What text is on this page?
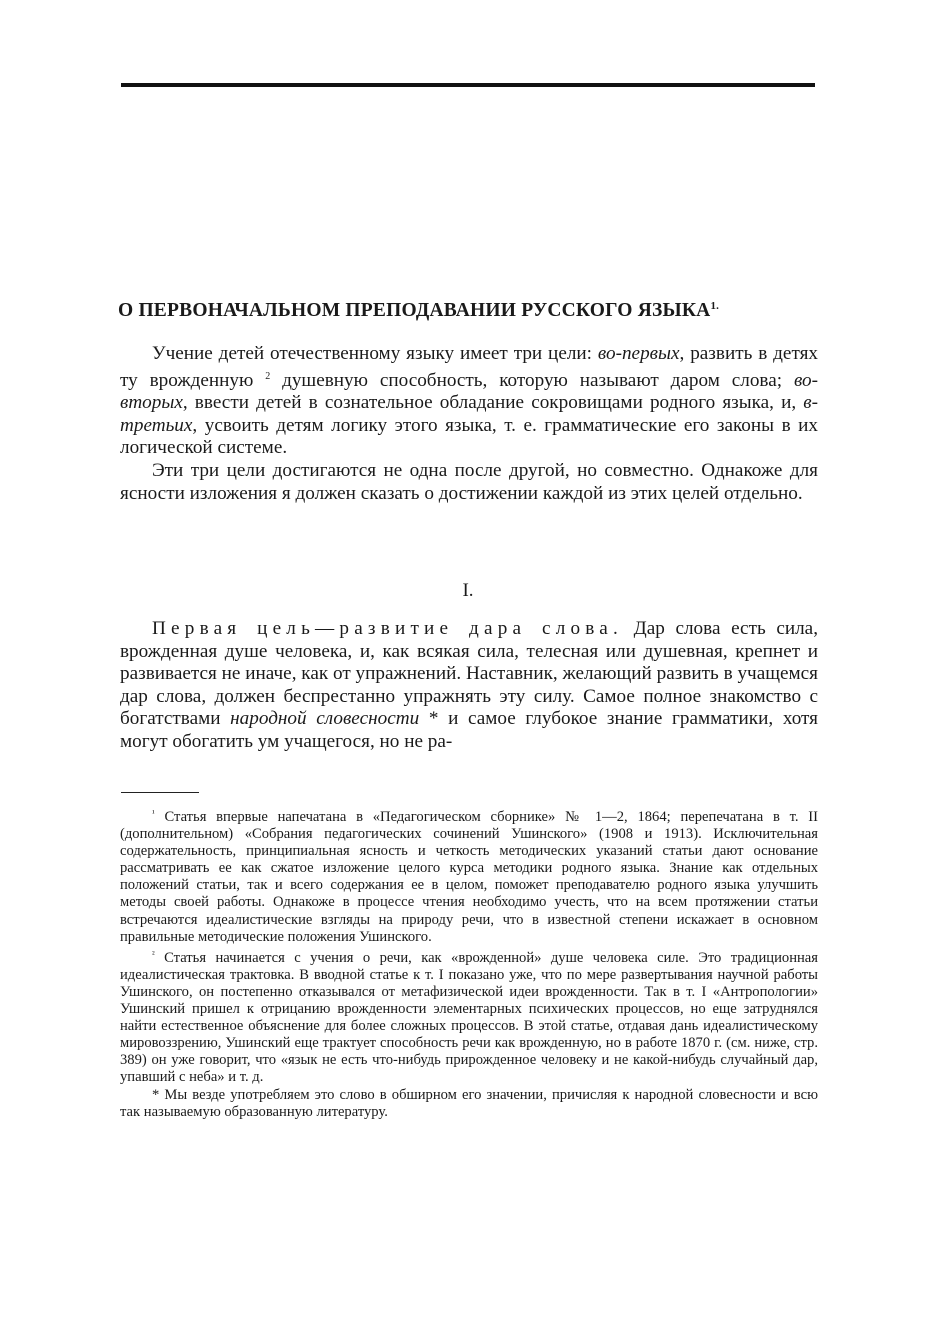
О ПЕРВОНАЧАЛЬНОМ ПРЕПОДАВАНИИ РУССКОГО $ЯЗЫКА^{1.}$

Учение детей отечественному языку имеет три цели: во-первых, развить в детях ту врожденную $^2$ душевную способность, которую называют даром слова; во-вторых, ввести детей в сознательное обладание сокровищами родного языка, и, в-третьих, усвоить детям логику этого языка, т. е. грамматические его законы в их логической системе.

Эти три цели достигаются не одна после другой, но совместно. Однакоже для ясности изложения я должен сказать о достижении каждой из этих целей отдельно.

I.

Первая цель—развитие дара слова. Дар слова есть сила, врожденная душе человека, и, как всякая сила, телесная или душевная, крепнет и развивается не иначе, как от упражнений. Наставник, желающий развить в учащемся дар слова, должен беспрестанно упражнять эту силу. Самое полное знакомство с богатствами народной словесности * и самое глубокое знание грамматики, хотя могут обогатить ум учащегося, но не ра-

$^{^1}$ Статья впервые напечатана в «Педагогическом сборнике» № 1—2, 1864; перепечатана в т. II (дополнительном) «Собрания педагогических сочинений Ушинского» (1908 и 1913). Исключительная содержательность, принципиальная ясность и четкость методических указаний статьи дают основание рассматривать ее как сжатое изложение целого курса методики родного языка. Знание как отдельных положений статьи, так и всего содержания ее в целом, поможет преподавателю родного языка улучшить методы своей работы. Однакоже в процессе чтения необходимо учесть, что на всем протяжении статьи встречаются идеалистические взгляды на природу речи, что в известной степени искажает в основном правильные методические положения Ушинского.

$^{^2}$ Статья начинается с учения о речи, как «врожденной» душе человека силе. Это традиционная идеалистическая трактовка. В вводной статье к т. I показано уже, что по мере развертывания научной работы Ушинского, он постепенно отказывался от метафизической идеи врожденности. Так в т. I «Антропологии» Ушинский пришел к отрицанию врожденности элементарных психических процессов, но еще затруднялся найти естественное объяснение для более сложных процессов. В этой статье, отдавая дань идеалистическому мировоззрению, Ушинский еще трактует способность речи как врожденную, но в работе 1870 г. (см. ниже, стр. 389) он уже говорит, что «язык не есть что-нибудь прирожденное человеку и не какой-нибудь случайный дар, упавший с неба» и т. д.

* Мы везде употребляем это слово в обширном его значении, причисляя к народной словесности и всю так называемую образованную литературу.
